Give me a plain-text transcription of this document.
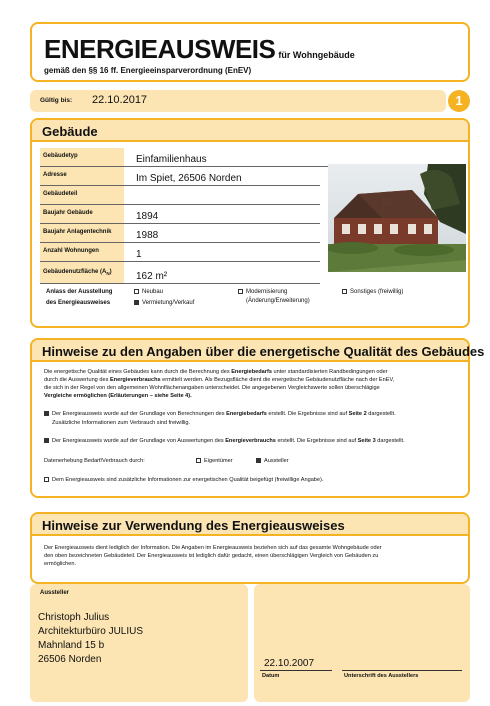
ENERGIEAUSWEIS für Wohngebäude
gemäß den §§ 16 ff. Energieeinsparverordnung (EnEV)
Gültig bis: 22.10.2017	1
Gebäude
Gebäudetyp	Einfamilienhaus
Adresse	Im Spiet, 26506 Norden
Gebäudeteil
Baujahr Gebäude	1894
Baujahr Anlagentechnik	1988
Anzahl Wohnungen	1
Gebäudenutzfläche $(A_N)$	162 m²
Anlass der Ausstellung
des Energieausweises
Neubau
Vermietung/Verkauf
Modernisierung
(Änderung/Erweiterung)
Sonstiges (freiwillig)
Hinweise zu den Angaben über die energetische Qualität des Gebäudes
Die energetische Qualität eines Gebäudes kann durch die Berechnung des Energiebedarfs unter standardisierten Randbedingungen oder
durch die Auswertung des Energieverbrauchs ermittelt werden. Als Bezugsfläche dient die energetische Gebäudenutzfläche nach der EnEV,
die sich in der Regel von den allgemeinen Wohnflächenangaben unterscheidet. Die angegebenen Vergleichswerte sollen überschlägige
Vergleiche ermöglichen (Erläuterungen – siehe Seite 4).
Der Energieausweis wurde auf der Grundlage von Berechnungen des Energiebedarfs erstellt. Die Ergebnisse sind auf Seite 2 dargestellt.
Zusätzliche Informationen zum Verbrauch sind freiwillig.
Der Energieausweis wurde auf der Grundlage von Auswertungen des Energieverbrauchs erstellt. Die Ergebnisse sind auf Seite 3 dargestellt.
Datenerhebung Bedarf/Verbrauch durch:	Eigentümer	Aussteller
Dem Energieausweis sind zusätzliche Informationen zur energetischen Qualität beigefügt (freiwillige Angabe).
Hinweise zur Verwendung des Energieausweises
Der Energieausweis dient lediglich der Information. Die Angaben im Energieausweis beziehen sich auf das gesamte Wohngebäude oder
den oben bezeichneten Gebäudeteil. Der Energieausweis ist lediglich dafür gedacht, einen überschlägigen Vergleich von Gebäuden zu
ermöglichen.
Aussteller
Christoph Julius
Architekturbüro JULIUS
Mahnland 15 b
26506 Norden	22.10.2007
Datum	Unterschrift des Ausstellers
